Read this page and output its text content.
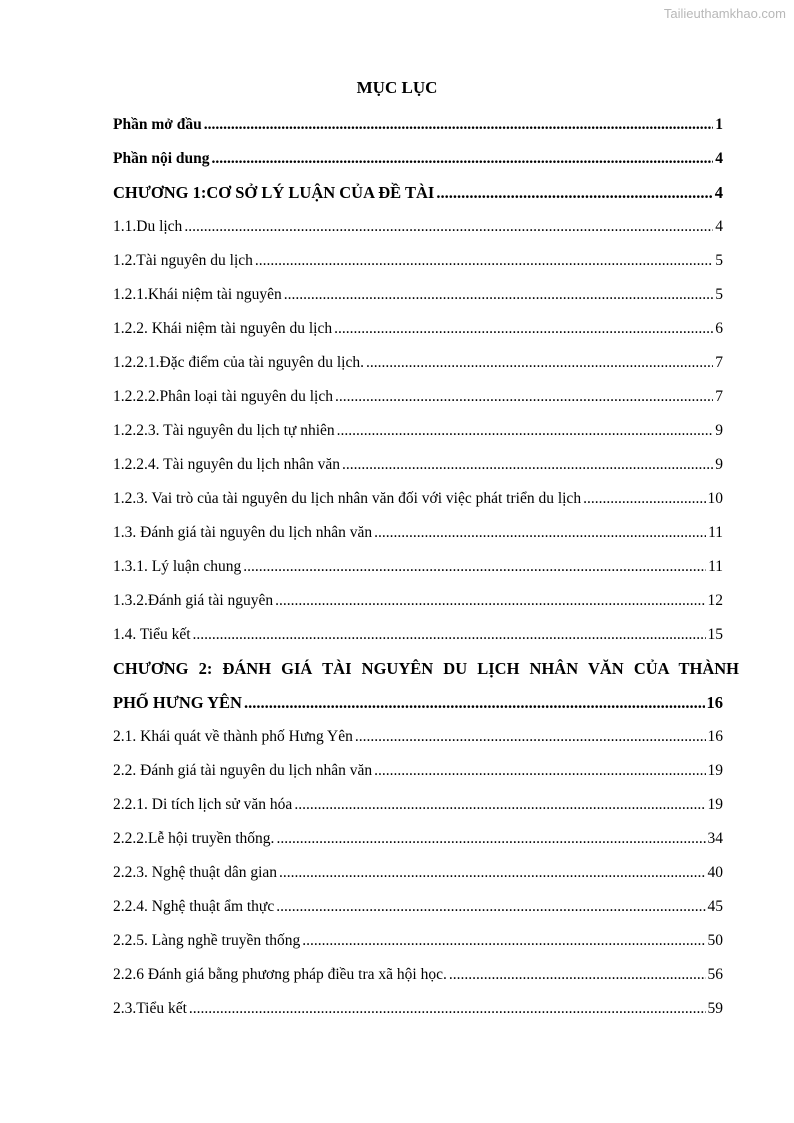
Tailieuthamkhao.com
MỤC LỤC
Phần mở đầu .....	1
Phần nội dung .....	4
CHƯƠNG 1:CƠ SỞ LÝ LUẬN CỦA ĐỀ TÀI .....	4
1.1.Du lịch .....	4
1.2.Tài nguyên du lịch .....	5
1.2.1.Khái niệm tài nguyên .....	5
1.2.2. Khái niệm tài nguyên du lịch .....	6
1.2.2.1.Đặc điểm của tài nguyên du lịch. .....	7
1.2.2.2.Phân loại tài nguyên du lịch .....	7
1.2.2.3. Tài nguyên du lịch tự nhiên .....	9
1.2.2.4. Tài nguyên du lịch nhân văn .....	9
1.2.3. Vai trò của tài nguyên du lịch nhân văn đối với việc phát triển du lịch .....	10
1.3. Đánh giá tài nguyên du lịch nhân văn .....	11
1.3.1. Lý luận chung .....	11
1.3.2.Đánh giá tài nguyên .....	12
1.4. Tiểu kết .....	15
CHƯƠNG 2: ĐÁNH GIÁ TÀI NGUYÊN DU LỊCH NHÂN VĂN CỦA THÀNH
PHỐ HƯNG YÊN .....	16
2.1. Khái quát về thành phố Hưng Yên .....	16
2.2. Đánh giá tài nguyên du lịch nhân văn .....	19
2.2.1. Di tích lịch sử văn hóa .....	19
2.2.2.Lễ hội truyền thống. .....	34
2.2.3. Nghệ thuật dân gian .....	40
2.2.4. Nghệ thuật ẩm thực .....	45
2.2.5. Làng nghề truyền thống .....	50
2.2.6 Đánh giá bằng phương pháp điều tra xã hội học. .....	56
2.3.Tiểu kết .....	59
